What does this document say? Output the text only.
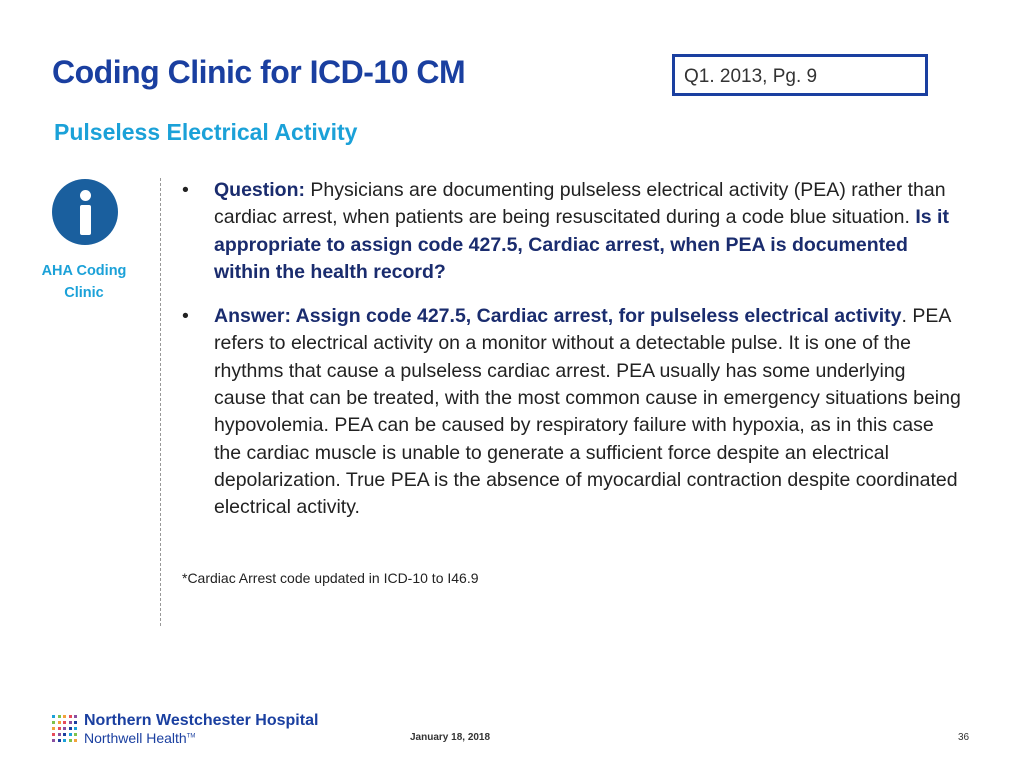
Coding Clinic for ICD-10 CM	Q1. 2013, Pg. 9
Pulseless Electrical Activity
AHA Coding
Clinic
• Question: Physicians are documenting pulseless electrical activity (PEA) rather than cardiac arrest, when patients are being resuscitated during a code blue situation. Is it appropriate to assign code 427.5, Cardiac arrest, when PEA is documented within the health record?
• Answer: Assign code 427.5, Cardiac arrest, for pulseless electrical activity. PEA refers to electrical activity on a monitor without a detectable pulse. It is one of the rhythms that cause a pulseless cardiac arrest. PEA usually has some underlying cause that can be treated, with the most common cause in emergency situations being hypovolemia. PEA can be caused by respiratory failure with hypoxia, as in this case the cardiac muscle is unable to generate a sufficient force despite an electrical depolarization. True PEA is the absence of myocardial contraction despite coordinated electrical activity.
*Cardiac Arrest code updated in ICD-10 to I46.9
Northern Westchester Hospital
Northwell Health™	January 18, 2018	36
